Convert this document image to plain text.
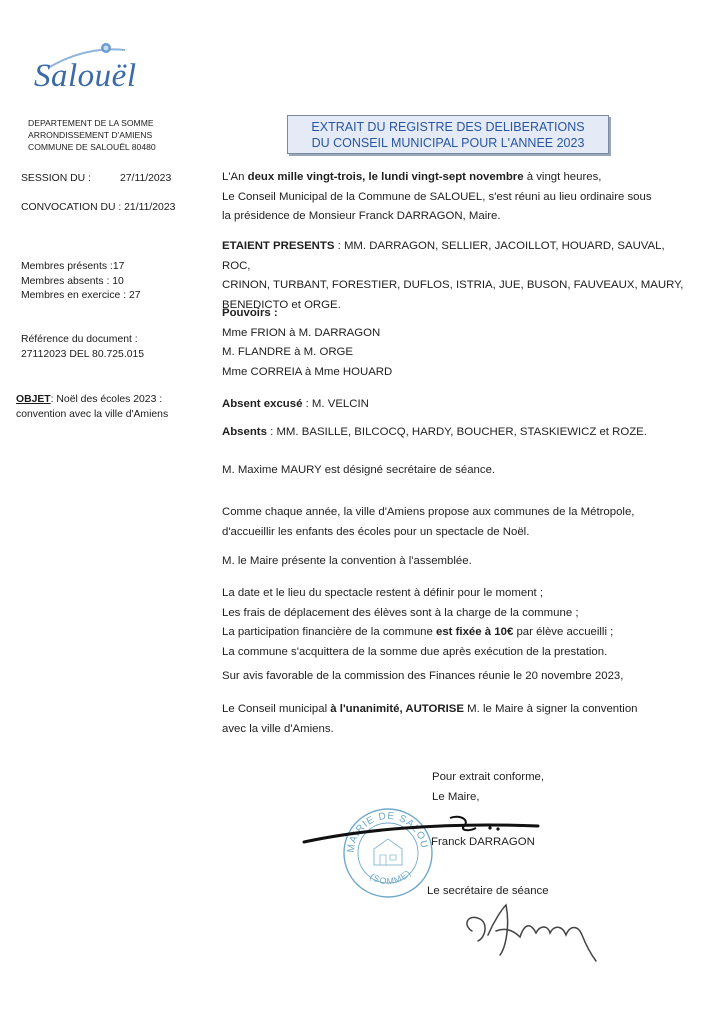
Salouël
DEPARTEMENT DE LA SOMME
ARRONDISSEMENT D'AMIENS
COMMUNE DE SALOUËL 80480
SESSION DU :	27/11/2023
CONVOCATION DU : 21/11/2023
Membres présents :17
Membres absents : 10
Membres en exercice : 27
Référence du document :
27112023 DEL 80.725.015
OBJET: Noël des écoles 2023 :
convention avec la ville d'Amiens
EXTRAIT DU REGISTRE DES DELIBERATIONS
DU CONSEIL MUNICIPAL POUR L'ANNEE 2023

L'An deux mille vingt-trois, le lundi vingt-sept novembre à vingt heures,

Le Conseil Municipal de la Commune de SALOUEL, s'est réuni au lieu ordinaire sous

la présidence de Monsieur Franck DARRAGON, Maire.

ETAIENT PRESENTS : MM. DARRAGON, SELLIER, JACOILLOT, HOUARD, SAUVAL, ROC,

CRINON, TURBANT, FORESTIER, DUFLOS, ISTRIA, JUE, BUSON, FAUVEAUX, MAURY,

BENEDICTO et ORGE.

Pouvoirs :

Mme FRION à M. DARRAGON

M. FLANDRE à M. ORGE

Mme CORREIA à Mme HOUARD

Absent excusé : M. VELCIN

Absents : MM. BASILLE, BILCOCQ, HARDY, BOUCHER, STASKIEWICZ et ROZE.

M. Maxime MAURY est désigné secrétaire de séance.

Comme chaque année, la ville d'Amiens propose aux communes de la Métropole,

d'accueillir les enfants des écoles pour un spectacle de Noël.

M. le Maire présente la convention à l'assemblée.

La date et le lieu du spectacle restent à définir pour le moment ;

Les frais de déplacement des élèves sont à la charge de la commune ;

La participation financière de la commune est fixée à 10€ par élève accueilli ;

La commune s'acquittera de la somme due après exécution de la prestation.

Sur avis favorable de la commission des Finances réunie le 20 novembre 2023,

Le Conseil municipal à l'unanimité, AUTORISE M. le Maire à signer la convention

avec la ville d'Amiens.

Pour extrait conforme,

Le Maire,

MAIRIE DE SALOU
(SOMME)

Franck DARRAGON

Le secrétaire de séance
